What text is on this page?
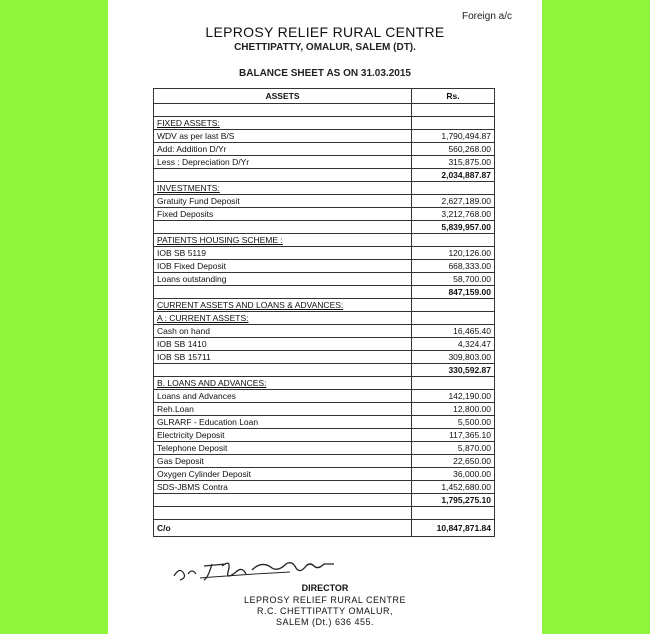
Foreign a/c
LEPROSY RELIEF RURAL CENTRE
CHETTIPATTY, OMALUR, SALEM (DT).
BALANCE SHEET AS ON 31.03.2015
ASSETS	Rs.

FIXED ASSETS:	
WDV as per last B/S	1,790,494.87
Add: Addition D/Yr	560,268.00
Less : Depreciation D/Yr	315,875.00
	2,034,887.87
INVESTMENTS:	
Gratuity Fund Deposit	2,627,189.00
Fixed Deposits	3,212,768.00
	5,839,957.00
PATIENTS HOUSING SCHEME :	
IOB SB 5119	120,126.00
IOB Fixed Deposit	668,333.00
Loans outstanding	58,700.00
	847,159.00
CURRENT ASSETS AND LOANS & ADVANCES:	
A : CURRENT ASSETS:	
Cash on hand	16,465.40
IOB SB 1410	4,324.47
IOB SB 15711	309,803.00
	330,592.87
B. LOANS AND ADVANCES:	
Loans and Advances	142,190.00
Reh.Loan	12,800.00
GLRARF - Education Loan	5,500.00
Electricity Deposit	117,365.10
Telephone Deposit	5,870.00
Gas Deposit	22,650.00
Oxygen Cylinder Deposit	36,000.00
SDS-JBMS Contra	1,452,680.00
	1,795,275.10

C/o	10,847,871.84
DIRECTOR
LEPROSY RELIEF RURAL CENTRE
R.C. CHETTIPATTY OMALUR,
SALEM (Dt.) 636 455.
